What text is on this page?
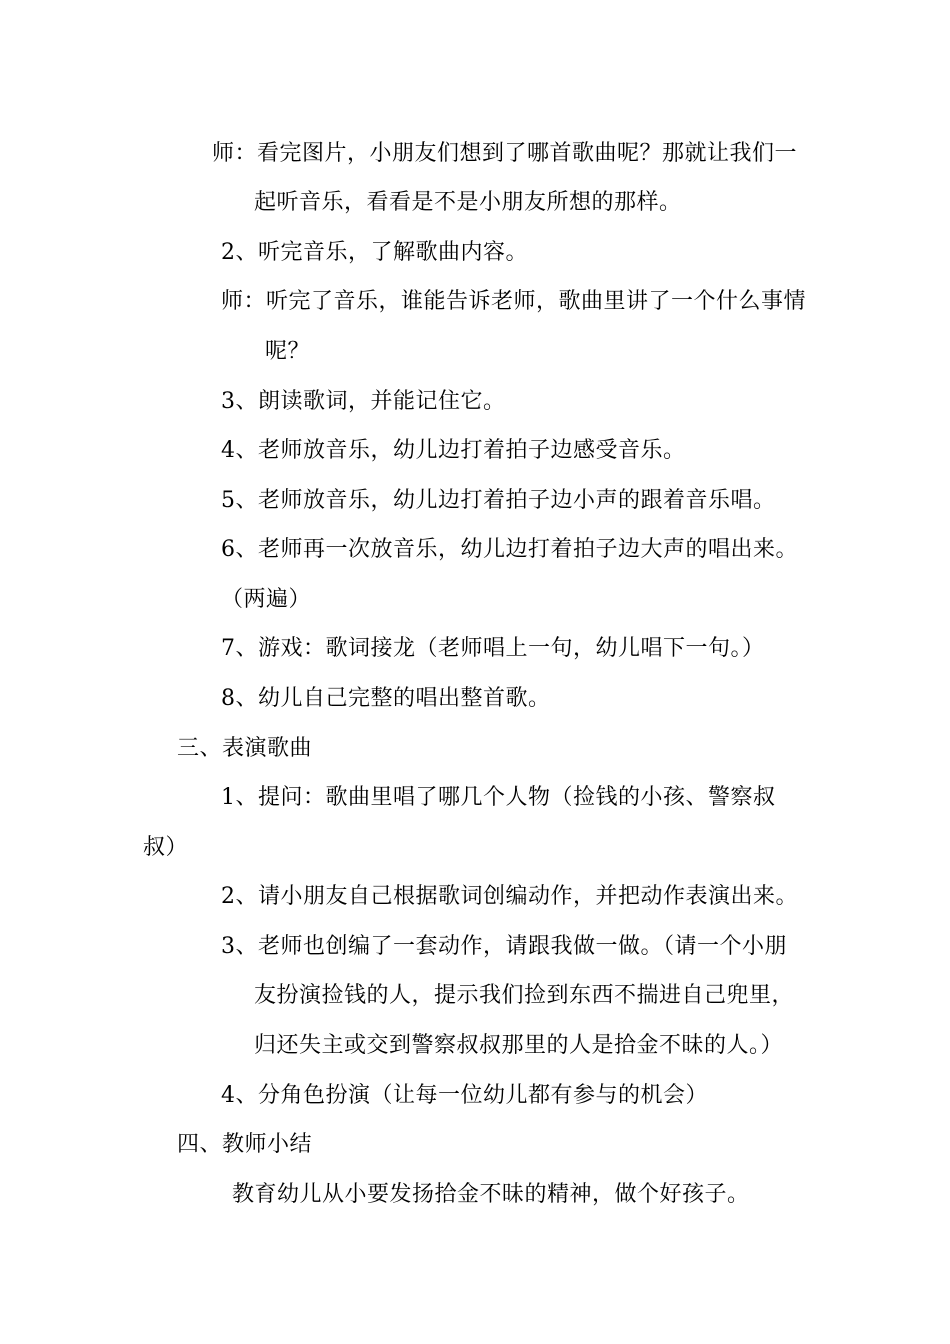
师：看完图片，小朋友们想到了哪首歌曲呢？那就让我们一
起听音乐，看看是不是小朋友所想的那样。
2、听完音乐，了解歌曲内容。
师：听完了音乐，谁能告诉老师，歌曲里讲了一个什么事情
呢？
3、朗读歌词，并能记住它。
4、老师放音乐，幼儿边打着拍子边感受音乐。
5、老师放音乐，幼儿边打着拍子边小声的跟着音乐唱。
6、老师再一次放音乐，幼儿边打着拍子边大声的唱出来。
（两遍）
7、游戏：歌词接龙（老师唱上一句，幼儿唱下一句。）
8、幼儿自己完整的唱出整首歌。
三、表演歌曲
1、提问：歌曲里唱了哪几个人物（捡钱的小孩、警察叔
叔）
2、请小朋友自己根据歌词创编动作，并把动作表演出来。
3、老师也创编了一套动作，请跟我做一做。（请一个小朋
友扮演捡钱的人，提示我们捡到东西不揣进自己兜里，
归还失主或交到警察叔叔那里的人是拾金不昧的人。）
4、分角色扮演（让每一位幼儿都有参与的机会）
四、教师小结
教育幼儿从小要发扬拾金不昧的精神，做个好孩子。
